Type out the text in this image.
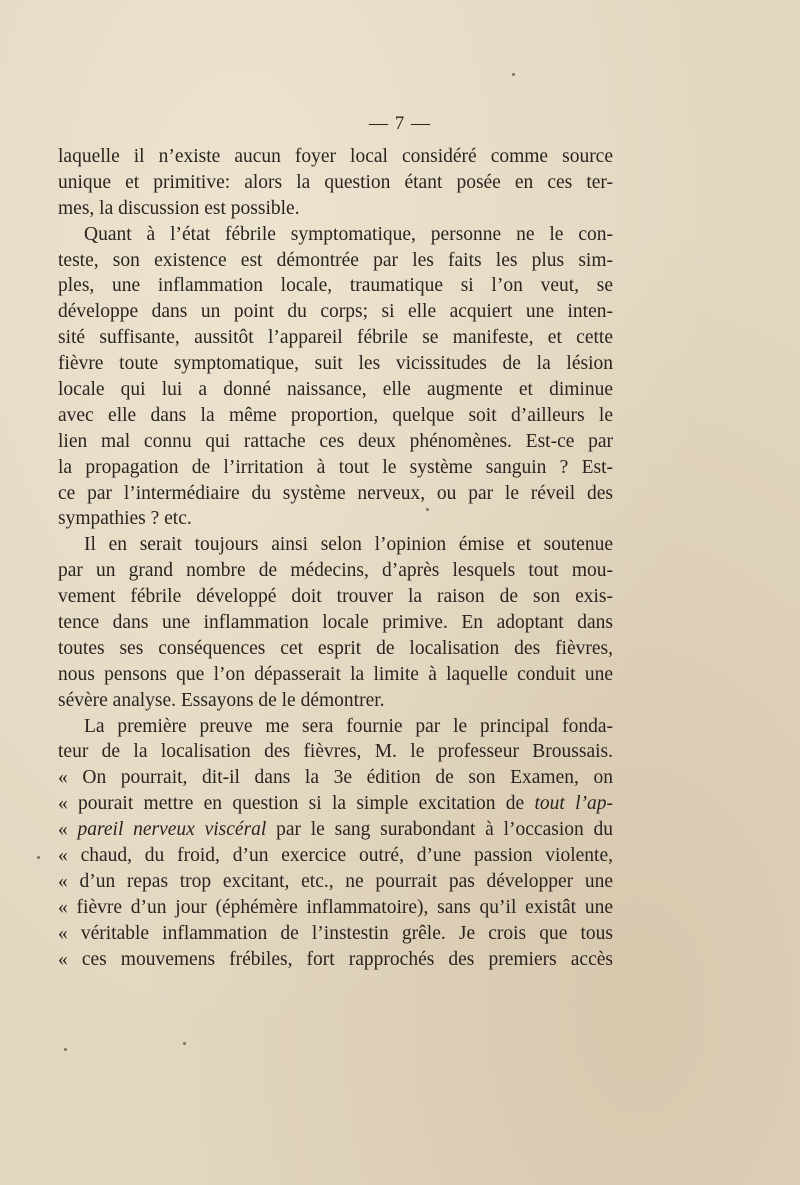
— 7 —
laquelle il n’existe aucun foyer local considéré comme source
unique et primitive: alors la question étant posée en ces ter-
mes, la discussion est possible.
Quant à l’état fébrile symptomatique, personne ne le con-
teste, son existence est démontrée par les faits les plus sim-
ples, une inflammation locale, traumatique si l’on veut, se
développe dans un point du corps; si elle acquiert une inten-
sité suffisante, aussitôt l’appareil fébrile se manifeste, et cette
fièvre toute symptomatique, suit les vicissitudes de la lésion
locale qui lui a donné naissance, elle augmente et diminue
avec elle dans la même proportion, quelque soit d’ailleurs le
lien mal connu qui rattache ces deux phénomènes. Est-ce par
la propagation de l’irritation à tout le système sanguin ? Est-
ce par l’intermédiaire du système nerveux, ou par le réveil des
sympathies ? etc.
Il en serait toujours ainsi selon l’opinion émise et soutenue
par un grand nombre de médecins, d’après lesquels tout mou-
vement fébrile développé doit trouver la raison de son exis-
tence dans une inflammation locale primive. En adoptant dans
toutes ses conséquences cet esprit de localisation des fièvres,
nous pensons que l’on dépasserait la limite à laquelle conduit une
sévère analyse. Essayons de le démontrer.
La première preuve me sera fournie par le principal fonda-
teur de la localisation des fièvres, M. le professeur Broussais.
« On pourrait, dit-il dans la 3e édition de son Examen, on
« pourait mettre en question si la simple excitation de tout l’ap-
« pareil nerveux viscéral par le sang surabondant à l’occasion du
« chaud, du froid, d’un exercice outré, d’une passion violente,
« d’un repas trop excitant, etc., ne pourrait pas développer une
« fièvre d’un jour (éphémère inflammatoire), sans qu’il existât une
« véritable inflammation de l’instestin grêle. Je crois que tous
« ces mouvemens frébiles, fort rapprochés des premiers accès
